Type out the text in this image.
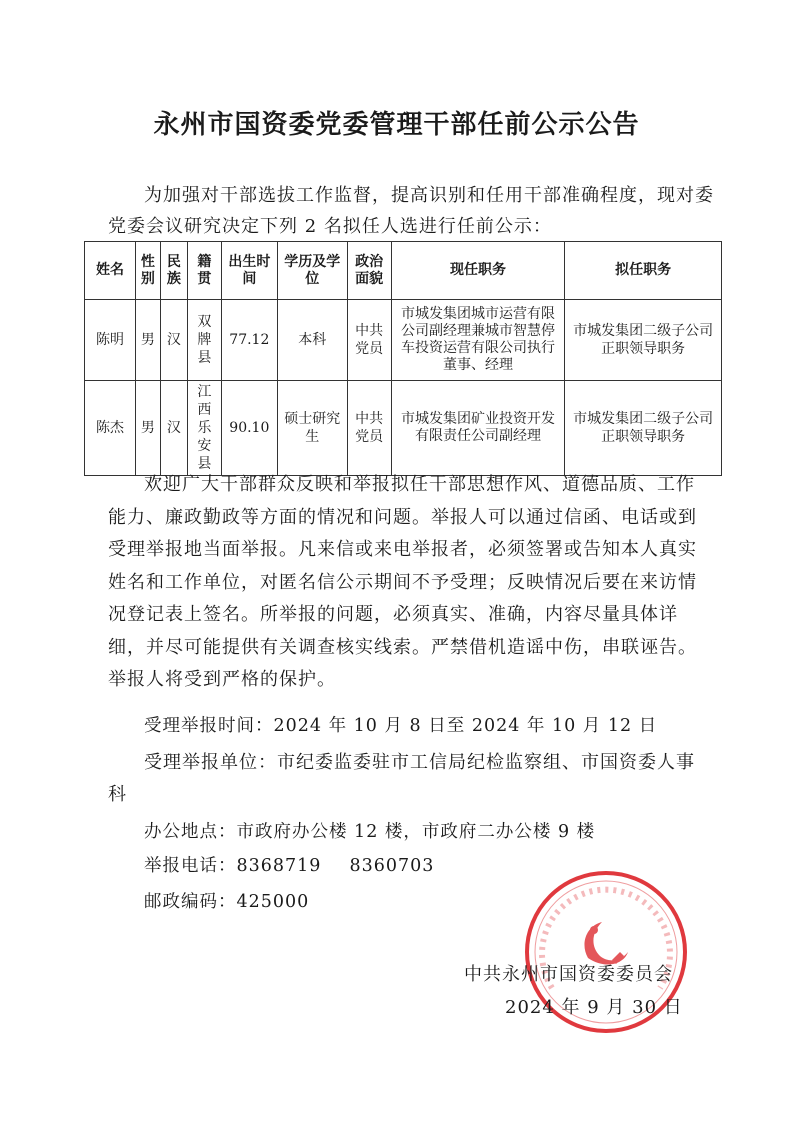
永州市国资委党委管理干部任前公示公告

为加强对干部选拔工作监督，提高识别和任用干部准确程度，现对委党委会议研究决定下列 2 名拟任人选进行任前公示：

姓名	性别	民族	籍贯	出生时间	学历及学位	政治面貌	现任职务	拟任职务
陈明	男	汉	双牌县	77.12	本科	中共党员	市城发集团城市运营有限公司副经理兼城市智慧停车投资运营有限公司执行董事、经理	市城发集团二级子公司正职领导职务
陈杰	男	汉	江西乐安县	90.10	硕士研究生	中共党员	市城发集团矿业投资开发有限责任公司副经理	市城发集团二级子公司正职领导职务

欢迎广大干部群众反映和举报拟任干部思想作风、道德品质、工作能力、廉政勤政等方面的情况和问题。举报人可以通过信函、电话或到受理举报地当面举报。凡来信或来电举报者，必须签署或告知本人真实姓名和工作单位，对匿名信公示期间不予受理；反映情况后要在来访情况登记表上签名。所举报的问题，必须真实、准确，内容尽量具体详细，并尽可能提供有关调查核实线索。严禁借机造谣中伤，串联诬告。举报人将受到严格的保护。

受理举报时间：2024 年 10 月 8 日至 2024 年 10 月 12 日

受理举报单位：市纪委监委驻市工信局纪检监察组、市国资委人事科

办公地点：市政府办公楼 12 楼，市政府二办公楼 9 楼

举报电话：8368719 8360703

邮政编码：425000

中共永州市国资委委员会

2024 年 9 月 30 日
